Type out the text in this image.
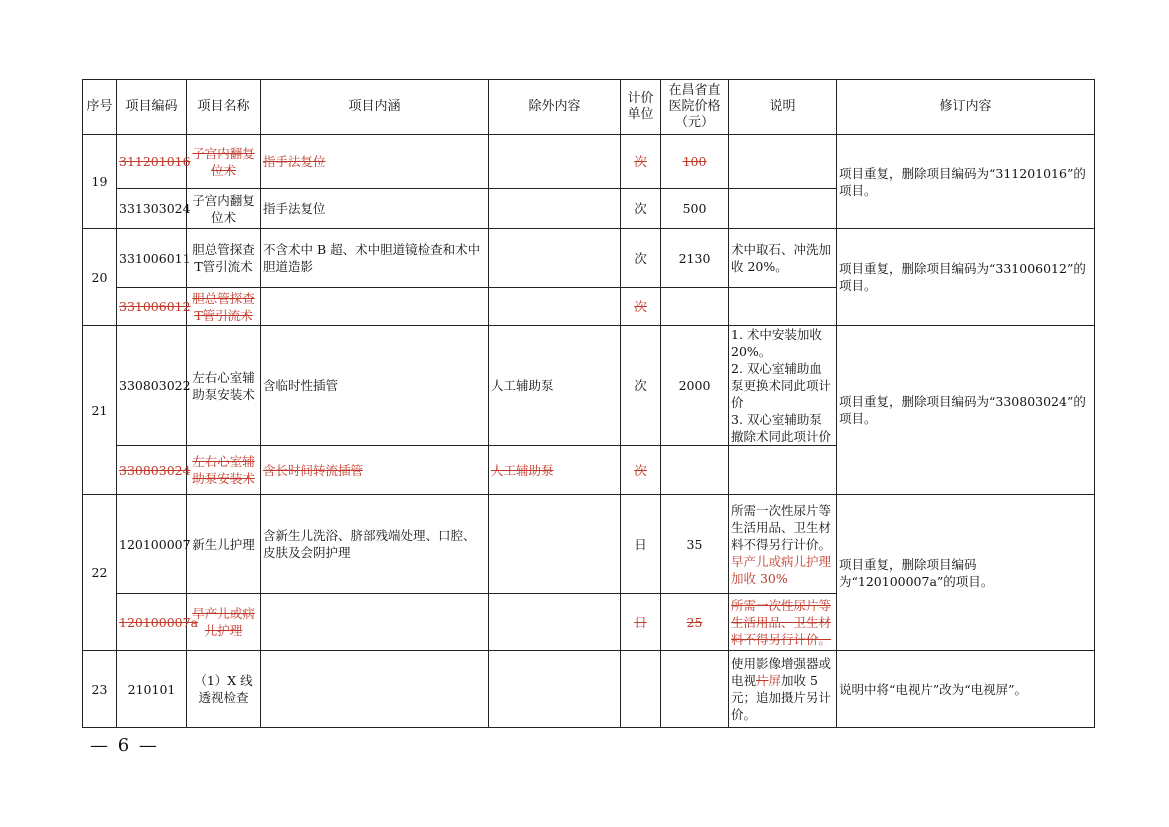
序号	项目编码	项目名称	项目内涵	除外内容	计价单位	在昌省直医院价格（元）	说明	修订内容
19	311201016	子宫内翻复位术	指手法复位		次	100		项目重复，删除项目编码为“311201016”的项目。
	331303024	子宫内翻复位术	指手法复位		次	500		
20	331006011	胆总管探查T管引流术	不含术中 B 超、术中胆道镜检查和术中胆道造影		次	2130	术中取石、冲洗加收 20%。	项目重复，删除项目编码为“331006012”的项目。
	331006012	胆总管探查T管引流术			次			
21	330803022	左右心室辅助泵安装术	含临时性插管	人工辅助泵	次	2000	1. 术中安装加收20%。
2. 双心室辅助血泵更换术同此项计价
3. 双心室辅助泵撤除术同此项计价	项目重复，删除项目编码为“330803024”的项目。
	330803024	左右心室辅助泵安装术	含长时间转流插管	人工辅助泵	次			
22	120100007	新生儿护理	含新生儿洗浴、脐部残端处理、口腔、皮肤及会阴护理		日	35	所需一次性尿片等生活用品、卫生材料不得另行计价。
早产儿或病儿护理加收 30%	项目重复，删除项目编码为“120100007a”的项目。
	120100007a	早产儿或病儿护理			日	25	所需一次性尿片等生活用品、卫生材料不得另行计价。	
23	210101	（1）X 线透视检查					使用影像增强器或电视片屏加收 5 元；追加摄片另计价。	说明中将“电视片”改为“电视屏”。
— 6 —
